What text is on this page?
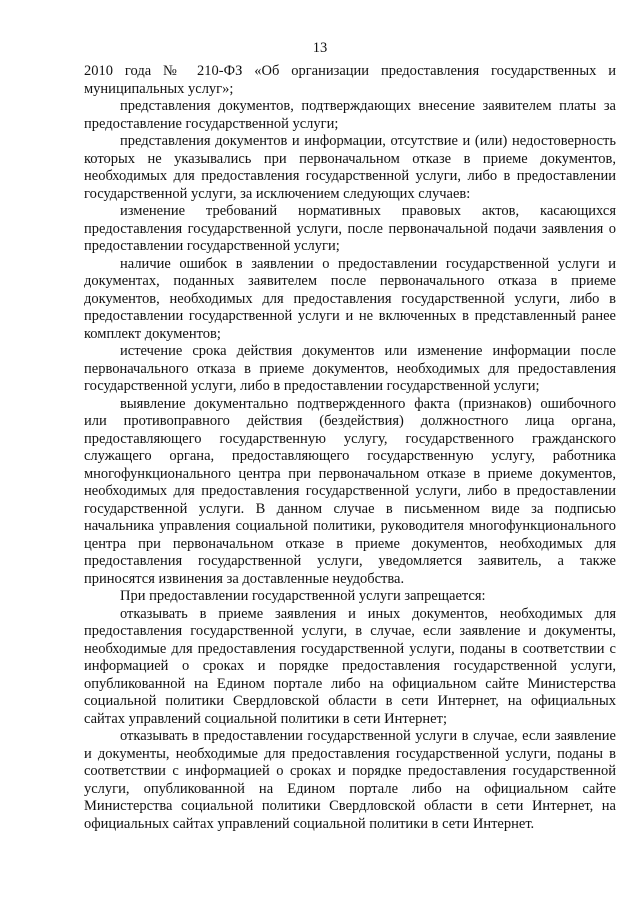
13

2010 года № 210-ФЗ «Об организации предоставления государственных и муниципальных услуг»;

представления документов, подтверждающих внесение заявителем платы за предоставление государственной услуги;

представления документов и информации, отсутствие и (или) недостоверность которых не указывались при первоначальном отказе в приеме документов, необходимых для предоставления государственной услуги, либо в предоставлении государственной услуги, за исключением следующих случаев:

изменение требований нормативных правовых актов, касающихся предоставления государственной услуги, после первоначальной подачи заявления о предоставлении государственной услуги;

наличие ошибок в заявлении о предоставлении государственной услуги и документах, поданных заявителем после первоначального отказа в приеме документов, необходимых для предоставления государственной услуги, либо в предоставлении государственной услуги и не включенных в представленный ранее комплект документов;

истечение срока действия документов или изменение информации после первоначального отказа в приеме документов, необходимых для предоставления государственной услуги, либо в предоставлении государственной услуги;

выявление документально подтвержденного факта (признаков) ошибочного или противоправного действия (бездействия) должностного лица органа, предоставляющего государственную услугу, государственного гражданского служащего органа, предоставляющего государственную услугу, работника многофункционального центра при первоначальном отказе в приеме документов, необходимых для предоставления государственной услуги, либо в предоставлении государственной услуги. В данном случае в письменном виде за подписью начальника управления социальной политики, руководителя многофункционального центра при первоначальном отказе в приеме документов, необходимых для предоставления государственной услуги, уведомляется заявитель, а также приносятся извинения за доставленные неудобства.

При предоставлении государственной услуги запрещается:

отказывать в приеме заявления и иных документов, необходимых для предоставления государственной услуги, в случае, если заявление и документы, необходимые для предоставления государственной услуги, поданы в соответствии с информацией о сроках и порядке предоставления государственной услуги, опубликованной на Едином портале либо на официальном сайте Министерства социальной политики Свердловской области в сети Интернет, на официальных сайтах управлений социальной политики в сети Интернет;

отказывать в предоставлении государственной услуги в случае, если заявление и документы, необходимые для предоставления государственной услуги, поданы в соответствии с информацией о сроках и порядке предоставления государственной услуги, опубликованной на Едином портале либо на официальном сайте Министерства социальной политики Свердловской области в сети Интернет, на официальных сайтах управлений социальной политики в сети Интернет.
